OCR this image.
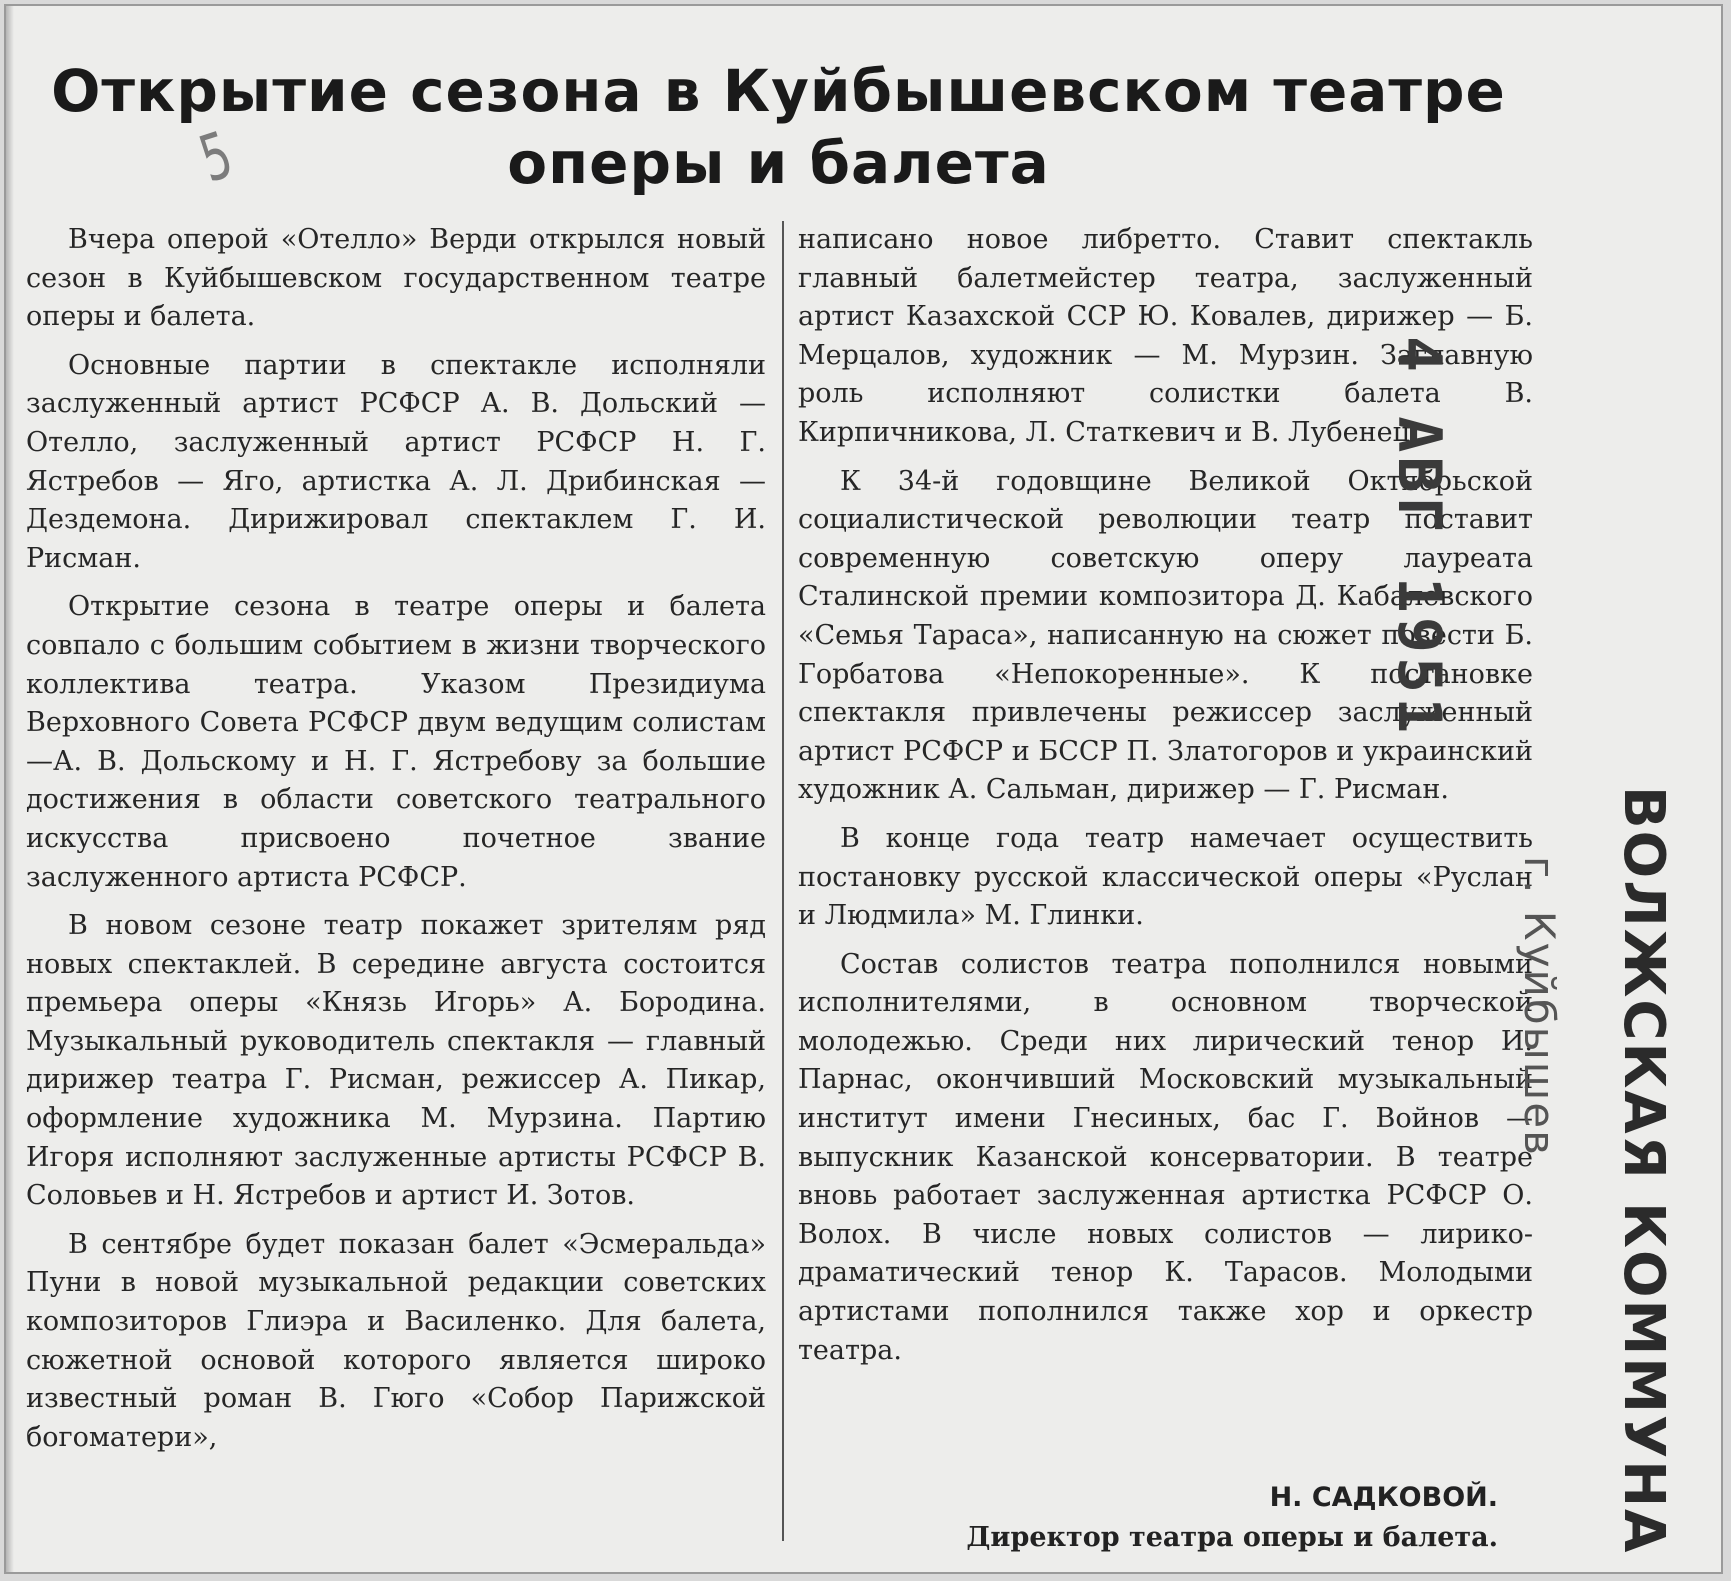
Открытие сезона в Куйбышевском театре
оперы и балета
5

Вчера оперой «Отелло» Верди открылся новый сезон в Куйбышевском государственном театре оперы и балета.

Основные партии в спектакле исполняли заслуженный артист РСФСР А. В. Дольский — Отелло, заслуженный артист РСФСР Н. Г. Ястребов — Яго, артистка А. Л. Дрибинская — Дездемона. Дирижировал спектаклем Г. И. Рисман.

Открытие сезона в театре оперы и балета совпало с большим событием в жизни творческого коллектива театра. Указом Президиума Верховного Совета РСФСР двум ведущим солистам—А. В. Дольскому и Н. Г. Ястребову за большие достижения в области советского театрального искусства присвоено почетное звание заслуженного артиста РСФСР.

В новом сезоне театр покажет зрителям ряд новых спектаклей. В середине августа состоится премьера оперы «Князь Игорь» А. Бородина. Музыкальный руководитель спектакля — главный дирижер театра Г. Рисман, режиссер А. Пикар, оформление художника М. Мурзина. Партию Игоря исполняют заслуженные артисты РСФСР В. Соловьев и Н. Ястребов и артист И. Зотов.

В сентябре будет показан балет «Эсмеральда» Пуни в новой музыкальной редакции советских композиторов Глиэра и Василенко. Для балета, сюжетной основой которого является широко известный роман В. Гюго «Собор Парижской богоматери»,

написано новое либретто. Ставит спектакль главный балетмейстер театра, заслуженный артист Казахской ССР Ю. Ковалев, дирижер — Б. Мерцалов, художник — М. Мурзин. Заглавную роль исполняют солистки балета В. Кирпичникова, Л. Статкевич и В. Лубенец.

К 34-й годовщине Великой Октябрьской социалистической революции театр поставит современную советскую оперу лауреата Сталинской премии композитора Д. Кабалевского «Семья Тараса», написанную на сюжет повести Б. Горбатова «Непокоренные». К постановке спектакля привлечены режиссер заслуженный артист РСФСР и БССР П. Златогоров и украинский художник А. Сальман, дирижер — Г. Рисман.

В конце года театр намечает осуществить постановку русской классической оперы «Руслан и Людмила» М. Глинки.

Состав солистов театра пополнился новыми исполнителями, в основном творческой молодежью. Среди них лирический тенор И. Парнас, окончивший Московский музыкальный институт имени Гнесиных, бас Г. Войнов — выпускник Казанской консерватории. В театре вновь работает заслуженная артистка РСФСР О. Волох. В числе новых солистов — лирико-драматический тенор К. Тарасов. Молодыми артистами пополнился также хор и оркестр театра.

Н. САДКОВОЙ.
Директор театра оперы и балета.
4 АВГ 1951
г. Куйбышев ВОЛЖСКАЯ КОММУНА
